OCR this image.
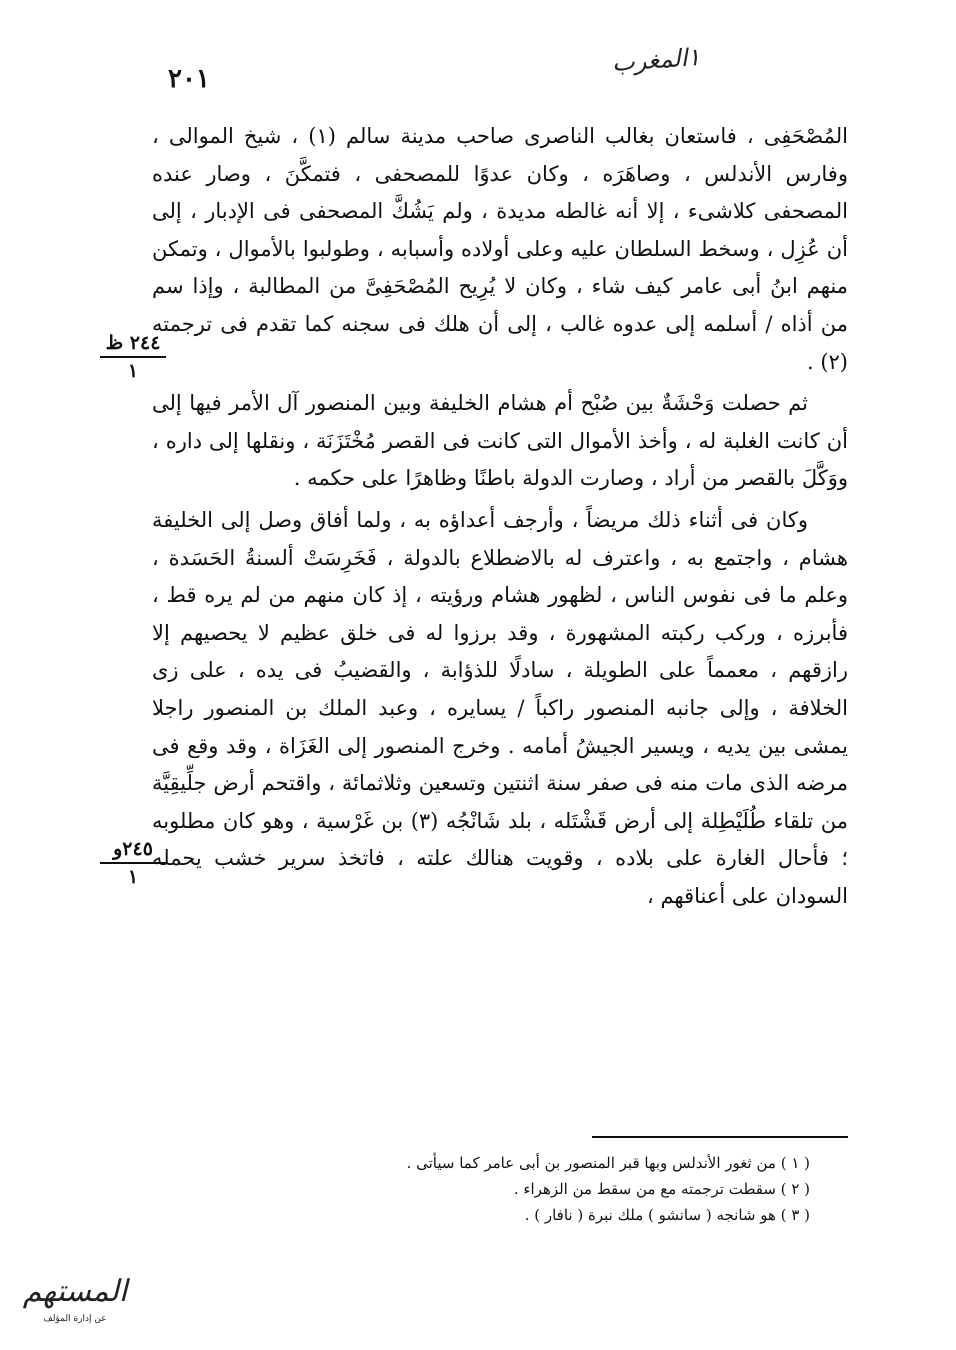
٢٠١
١المغرب
٢٤٤ ظ
١
٢٤٥و
١

المُصْحَفِى ، فاستعان بغالب الناصرى صاحب مدينة سالم (١) ، شيخ الموالى ، وفارس الأندلس ، وصاهَرَه ، وكان عدوًا للمصحفى ، فتمكَّنَ ، وصار عنده المصحفى كلاشىء ، إلا أنه غالطه مديدة ، ولم يَشُكَّ المصحفى فى الإدبار ، إلى أن عُزِل ، وسخط السلطان عليه وعلى أولاده وأسبابه ، وطولبوا بالأموال ، وتمكن منهم ابنُ أبى عامر كيف شاء ، وكان لا يُرِيح المُصْحَفِىَّ من المطالبة ، وإذا سم من أذاه / أسلمه إلى عدوه غالب ، إلى أن هلك فى سجنه كما تقدم فى ترجمته (٢) .

ثم حصلت وَحْشَةٌ بين صُبْح أم هشام الخليفة وبين المنصور آل الأمر فيها إلى أن كانت الغلبة له ، وأخذ الأموال التى كانت فى القصر مُخْتَزَنَة ، ونقلها إلى داره ، ووَكَّلَ بالقصر من أراد ، وصارت الدولة باطنًا وظاهرًا على حكمه .

وكان فى أثناء ذلك مريضاً ، وأرجف أعداؤه به ، ولما أفاق وصل إلى الخليفة هشام ، واجتمع به ، واعترف له بالاضطلاع بالدولة ، فَخَرِسَتْ ألسنةُ الحَسَدة ، وعلم ما فى نفوس الناس ، لظهور هشام ورؤيته ، إذ كان منهم من لم يره قط ، فأبرزه ، وركب ركبته المشهورة ، وقد برزوا له فى خلق عظيم لا يحصيهم إلا رازقهم ، معمماً على الطويلة ، سادلًا للذؤابة ، والقضيبُ فى يده ، على زى الخلافة ، وإلى جانبه المنصور راكباً / يسايره ، وعبد الملك بن المنصور راجلا يمشى بين يديه ، ويسير الجيشُ أمامه . وخرج المنصور إلى الغَزَاة ، وقد وقع فى مرضه الذى مات منه فى صفر سنة اثنتين وتسعين وثلاثمائة ، واقتحم أرض جلِّيقِيَّة من تلقاء طُلَيْطِلة إلى أرض قَشْتَله ، بلد شَانْجُه (٣) بن غَرْسية ، وهو كان مطلوبه ؛ فأحال الغارة على بلاده ، وقويت هنالك علته ، فاتخذ سرير خشب يحمله السودان على أعناقهم ،

( ١ ) من ثغور الأندلس وبها قبر المنصور بن أبى عامر كما سيأتى .
( ٢ ) سقطت ترجمته مع من سقط من الزهراء .
( ٣ ) هو شانجه ( سانشو ) ملك نبرة ( نافار ) .
المستهم
عن إدارة المؤلف
